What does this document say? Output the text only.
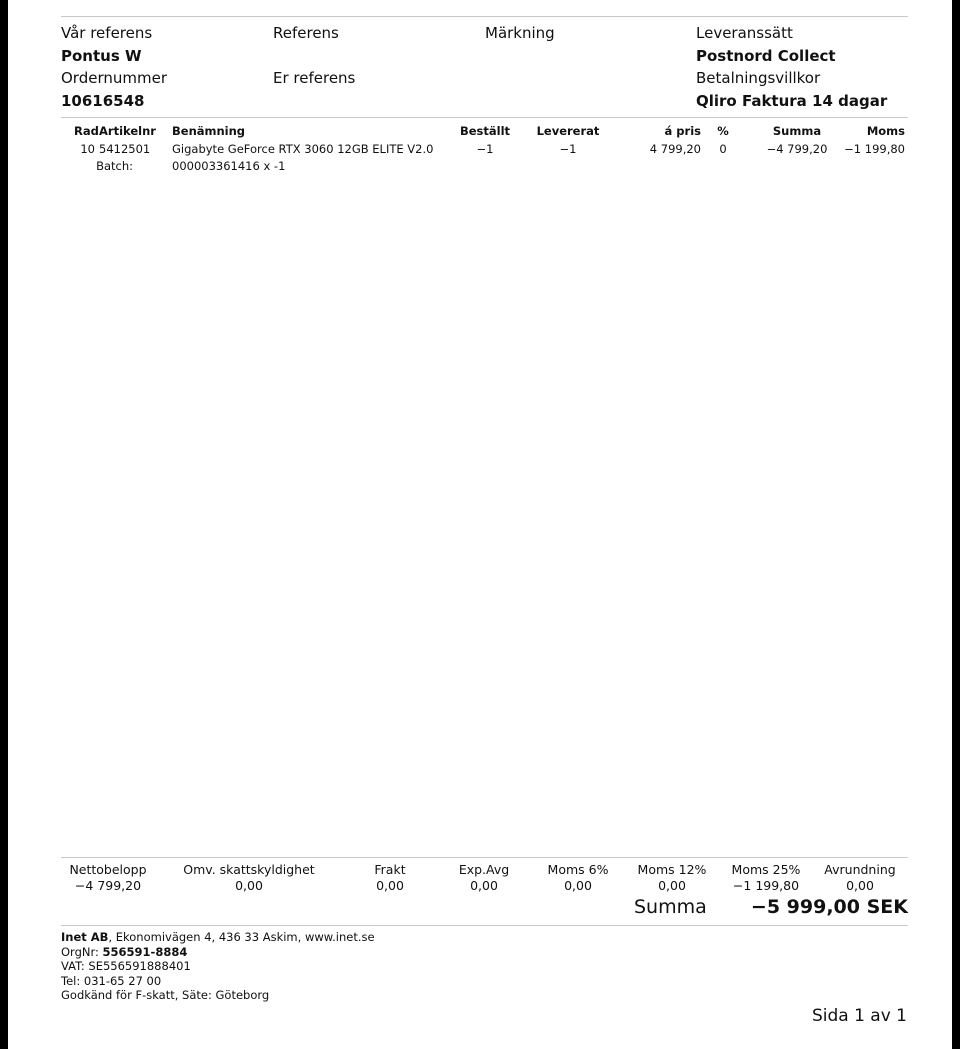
Vår referens
Pontus W
Ordernummer
10616548
Referens
Er referens
Märkning	Leveranssätt
Postnord Collect
Betalningsvillkor
Qliro Faktura 14 dagar
Rad Artikelnr Benämning	Beställt	Levererat	á pris	%	Summa	Moms
10 5412501 Gigabyte GeForce RTX 3060 12GB ELITE V2.0	−1	−1	4 799,20	0	−4 799,20	−1 199,80
Batch:	000003361416 x -1
Nettobelopp
−4 799,20
Omv. skattskyldighet
0,00
Frakt
0,00
Exp.Avg
0,00
Moms 6%
0,00
Moms 12%
0,00
Moms 25%
−1 199,80
Avrundning
0,00
Summa −5 999,00 SEK
Inet AB, Ekonomivägen 4, 436 33 Askim, www.inet.se
OrgNr: 556591-8884
VAT: SE556591888401
Tel: 031-65 27 00
Godkänd för F-skatt, Säte: Göteborg
Sida 1 av 1
